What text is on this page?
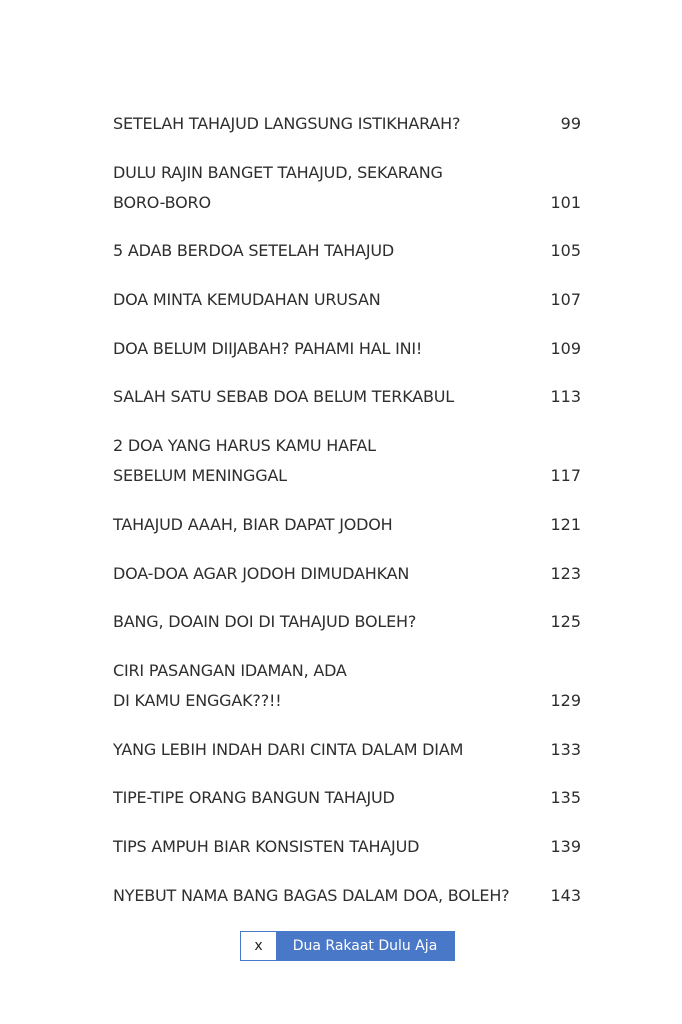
SETELAH TAHAJUD LANGSUNG ISTIKHARAH?	99
DULU RAJIN BANGET TAHAJUD, SEKARANG
BORO-BORO	101
5 ADAB BERDOA SETELAH TAHAJUD	105
DOA MINTA KEMUDAHAN URUSAN	107
DOA BELUM DIIJABAH? PAHAMI HAL INI!	109
SALAH SATU SEBAB DOA BELUM TERKABUL	113
2 DOA YANG HARUS KAMU HAFAL
SEBELUM MENINGGAL	117
TAHAJUD AAAH, BIAR DAPAT JODOH	121
DOA-DOA AGAR JODOH DIMUDAHKAN	123
BANG, DOAIN DOI DI TAHAJUD BOLEH?	125
CIRI PASANGAN IDAMAN, ADA
DI KAMU ENGGAK??!!	129
YANG LEBIH INDAH DARI CINTA DALAM DIAM	133
TIPE-TIPE ORANG BANGUN TAHAJUD	135
TIPS AMPUH BIAR KONSISTEN TAHAJUD	139
NYEBUT NAMA BANG BAGAS DALAM DOA, BOLEH?	143
x	Dua Rakaat Dulu Aja
